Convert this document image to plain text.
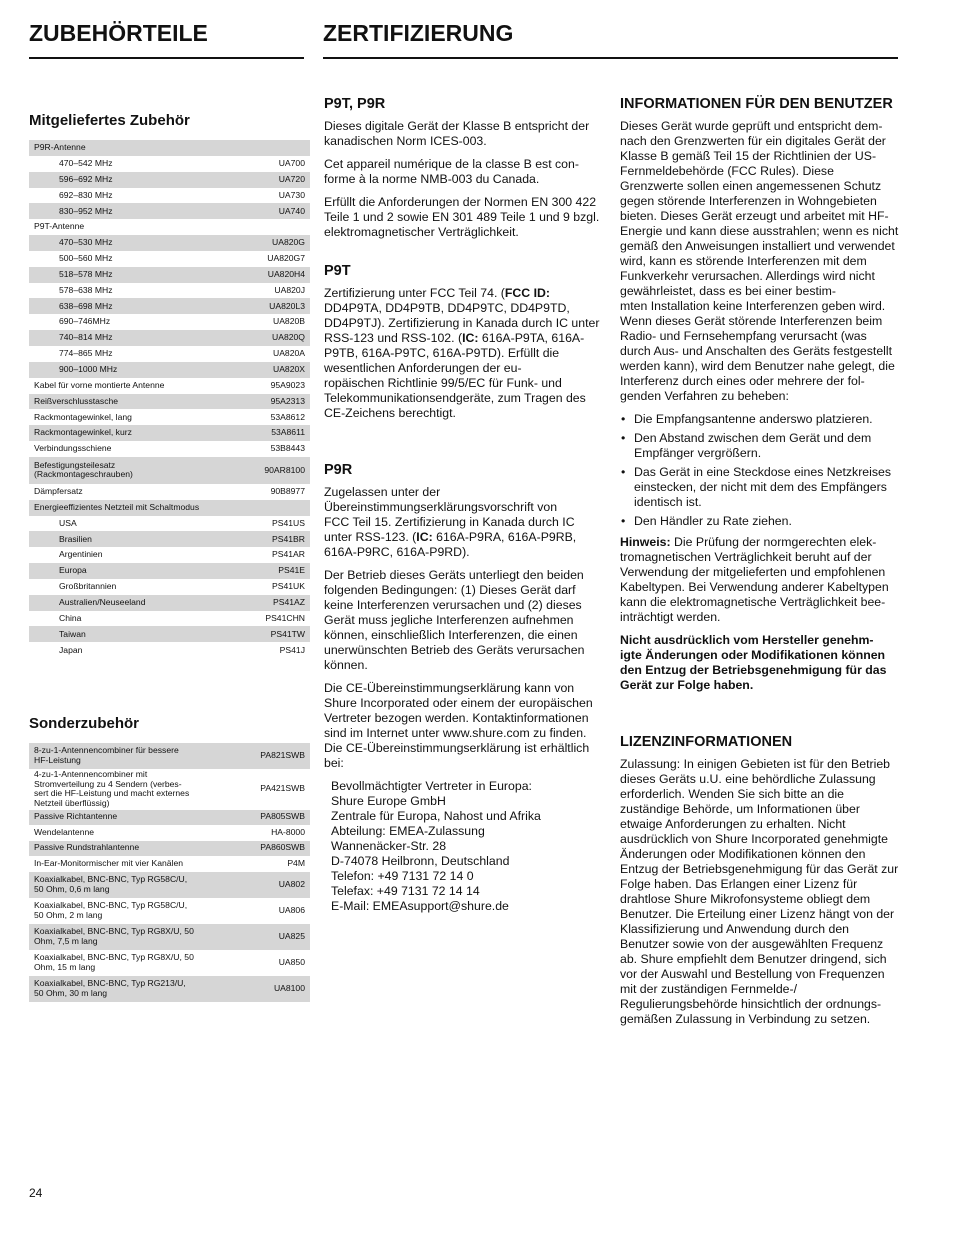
ZUBEHÖRTEILE	ZERTIFIZIERUNG
Mitgeliefertes Zubehör
P9R-Antenne	
470–542 MHz	UA700
596–692 MHz	UA720
692–830 MHz	UA730
830–952 MHz	UA740
P9T-Antenne	
470–530 MHz	UA820G
500–560 MHz	UA820G7
518–578 MHz	UA820H4
578–638 MHz	UA820J
638–698 MHz	UA820L3
690–746MHz	UA820B
740–814 MHz	UA820Q
774–865 MHz	UA820A
900–1000 MHz	UA820X
Kabel für vorne montierte Antenne	95A9023
Reißverschlusstasche	95A2313
Rackmontagewinkel, lang	53A8612
Rackmontagewinkel, kurz	53A8611
Verbindungsschiene	53B8443
Befestigungsteilesatz
(Rackmontageschrauben)	90AR8100
Dämpfersatz	90B8977
Energieeffizientes Netzteil mit Schaltmodus	
USA	PS41US
Brasilien	PS41BR
Argentinien	PS41AR
Europa	PS41E
Großbritannien	PS41UK
Australien/Neuseeland	PS41AZ
China	PS41CHN
Taiwan	PS41TW
Japan	PS41J
Sonderzubehör
8-zu-1-Antennencombiner für bessere
HF-Leistung	PA821SWB
4-zu-1-Antennencombiner mit
Stromverteilung zu 4 Sendern (verbes-
sert die HF-Leistung und macht externes
Netzteil überflüssig)	PA421SWB
Passive Richtantenne	PA805SWB
Wendelantenne	HA-8000
Passive Rundstrahlantenne	PA860SWB
In-Ear-Monitormischer mit vier Kanälen	P4M
Koaxialkabel, BNC-BNC, Typ RG58C/U,
50 Ohm, 0,6 m lang	UA802
Koaxialkabel, BNC-BNC, Typ RG58C/U,
50 Ohm, 2 m lang	UA806
Koaxialkabel, BNC-BNC, Typ RG8X/U, 50
Ohm, 7,5 m lang	UA825
Koaxialkabel, BNC-BNC, Typ RG8X/U, 50
Ohm, 15 m lang	UA850
Koaxialkabel, BNC-BNC, Typ RG213/U,
50 Ohm, 30 m lang	UA8100
P9T, P9R

Dieses digitale Gerät der Klasse B entspricht der kanadischen Norm ICES-003.

Cet appareil numérique de la classe B est con-
forme à la norme NMB-003 du Canada.

Erfüllt die Anforderungen der Normen EN 300 422 Teile 1 und 2 sowie EN 301 489 Teile 1 und 9 bzgl. elektromagnetischer Verträglichkeit.

P9T

Zertifizierung unter FCC Teil 74. (FCC ID: DD4P9TA, DD4P9TB, DD4P9TC, DD4P9TD, DD4P9TJ). Zertifizierung in Kanada durch IC unter RSS-123 und RSS-102. (IC: 616A-P9TA, 616A-P9TB, 616A-P9TC, 616A-P9TD). Erfüllt die wesentlichen Anforderungen der eu-
ropäischen Richtlinie 99/5/EC für Funk- und Telekommunikationsendgeräte, zum Tragen des CE-Zeichens berechtigt.

P9R

Zugelassen unter der
Übereinstimmungserklärungsvorschrift von
FCC Teil 15. Zertifizierung in Kanada durch IC unter RSS-123. (IC: 616A-P9RA, 616A-P9RB, 616A-P9RC, 616A-P9RD).

Der Betrieb dieses Geräts unterliegt den beiden folgenden Bedingungen: (1) Dieses Gerät darf keine Interferenzen verursachen und (2) dieses Gerät muss jegliche Interferenzen aufnehmen können, einschließlich Interferenzen, die einen unerwünschten Betrieb des Geräts verursachen können.

Die CE-Übereinstimmungserklärung kann von Shure Incorporated oder einem der europäischen Vertreter bezogen werden. Kontaktinformationen sind im Internet unter www.shure.com zu finden. Die CE-Übereinstimmungserklärung ist erhältlich bei:

Bevollmächtigter Vertreter in Europa:
Shure Europe GmbH
Zentrale für Europa, Nahost und Afrika
Abteilung: EMEA-Zulassung
Wannenäcker-Str. 28
D-74078 Heilbronn, Deutschland
Telefon: +49 7131 72 14 0
Telefax: +49 7131 72 14 14
E-Mail: EMEAsupport@shure.de

INFORMATIONEN FÜR DEN BENUTZER

Dieses Gerät wurde geprüft und entspricht dem-
nach den Grenzwerten für ein digitales Gerät der Klasse B gemäß Teil 15 der Richtlinien der US-Fernmeldebehörde (FCC Rules). Diese Grenzwerte sollen einen angemessenen Schutz gegen störende Interferenzen in Wohngebieten bieten. Dieses Gerät erzeugt und arbeitet mit HF-Energie und kann diese ausstrahlen; wenn es nicht gemäß den Anweisungen installiert und verwendet wird, kann es störende Interferenzen mit dem Funkverkehr verursachen. Allerdings wird nicht gewährleistet, dass es bei einer bestim-
mten Installation keine Interferenzen geben wird. Wenn dieses Gerät störende Interferenzen beim Radio- und Fernsehempfang verursacht (was durch Aus- und Anschalten des Geräts festgestellt werden kann), wird dem Benutzer nahe gelegt, die Interferenz durch eines oder mehrere der fol-
genden Verfahren zu beheben:

• Die Empfangsantenne anderswo platzieren.
• Den Abstand zwischen dem Gerät und dem Empfänger vergrößern.
• Das Gerät in eine Steckdose eines Netzkreises einstecken, der nicht mit dem des Empfängers identisch ist.
• Den Händler zu Rate ziehen.

Hinweis: Die Prüfung der normgerechten elek-
tromagnetischen Verträglichkeit beruht auf der Verwendung der mitgelieferten und empfohlenen Kabeltypen. Bei Verwendung anderer Kabeltypen kann die elektromagnetische Verträglichkeit bee-
inträchtigt werden.

Nicht ausdrücklich vom Hersteller genehm-
igte Änderungen oder Modifikationen können den Entzug der Betriebsgenehmigung für das Gerät zur Folge haben.

LIZENZINFORMATIONEN

Zulassung: In einigen Gebieten ist für den Betrieb dieses Geräts u.U. eine behördliche Zulassung erforderlich. Wenden Sie sich bitte an die zuständige Behörde, um Informationen über etwaige Anforderungen zu erhalten. Nicht ausdrücklich von Shure Incorporated genehmigte Änderungen oder Modifikationen können den Entzug der Betriebsgenehmigung für das Gerät zur Folge haben. Das Erlangen einer Lizenz für drahtlose Shure Mikrofonsysteme obliegt dem Benutzer. Die Erteilung einer Lizenz hängt von der Klassifizierung und Anwendung durch den Benutzer sowie von der ausgewählten Frequenz ab. Shure empfiehlt dem Benutzer dringend, sich vor der Auswahl und Bestellung von Frequenzen mit der zuständigen Fernmelde-/
Regulierungsbehörde hinsichtlich der ordnungs-
gemäßen Zulassung in Verbindung zu setzen.

24
